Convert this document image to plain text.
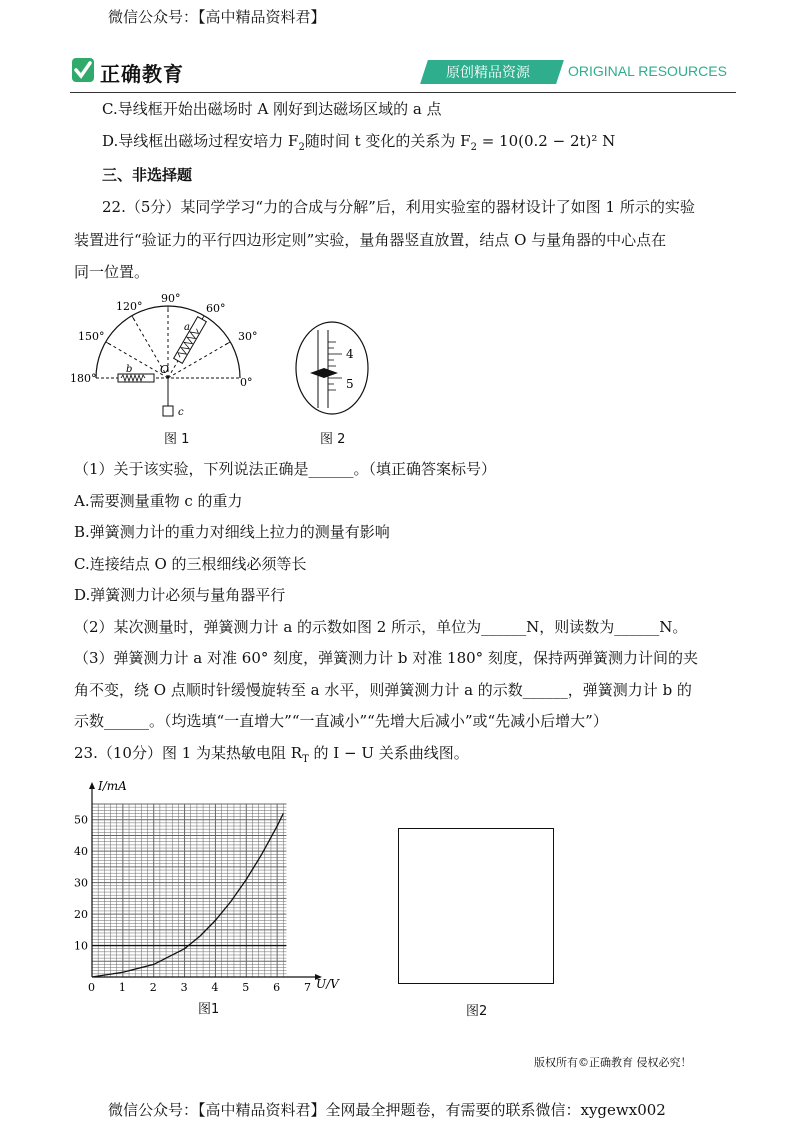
微信公众号：【高中精品资料君】
正确教育	原创精品资源	ORIGINAL RESOURCES
C.导线框开始出磁场时 A 刚好到达磁场区域的 a 点
D.导线框出磁场过程安培力 $F_2$随时间 t 变化的关系为 $F_2 = 10(0.2 - 2t)^2$ N
三、非选择题
22.（5分）某同学学习“力的合成与分解”后，利用实验室的器材设计了如图 1 所示的实验
装置进行“验证力的平行四边形定则”实验，量角器竖直放置，结点 O 与量角器的中心点在
同一位置。
90°
60°
120°
150°	30°
180°	0°
O
a
b
c
图 1
4
5
图 2
（1）关于该实验，下列说法正确是______。（填正确答案标号）
A.需要测量重物 c 的重力
B.弹簧测力计的重力对细线上拉力的测量有影响
C.连接结点 O 的三根细线必须等长
D.弹簧测力计必须与量角器平行
（2）某次测量时，弹簧测力计 a 的示数如图 2 所示，单位为______N，则读数为______N。
（3）弹簧测力计 a 对准 60° 刻度，弹簧测力计 b 对准 180° 刻度，保持两弹簧测力计间的夹
角不变，绕 O 点顺时针缓慢旋转至 a 水平，则弹簧测力计 a 的示数______，弹簧测力计 b 的
示数______。（均选填“一直增大”“一直减小”“先增大后减小”或“先减小后增大”）
23.（10分）图 1 为某热敏电阻 $R_T$ 的 I − U 关系曲线图。
0 1 2 3 4 5 6 7
10
20
30
40
50
I/mA
U/V
图1	图2
版权所有©正确教育 侵权必究！
微信公众号：【高中精品资料君】全网最全押题卷，有需要的联系微信：xygewx002
